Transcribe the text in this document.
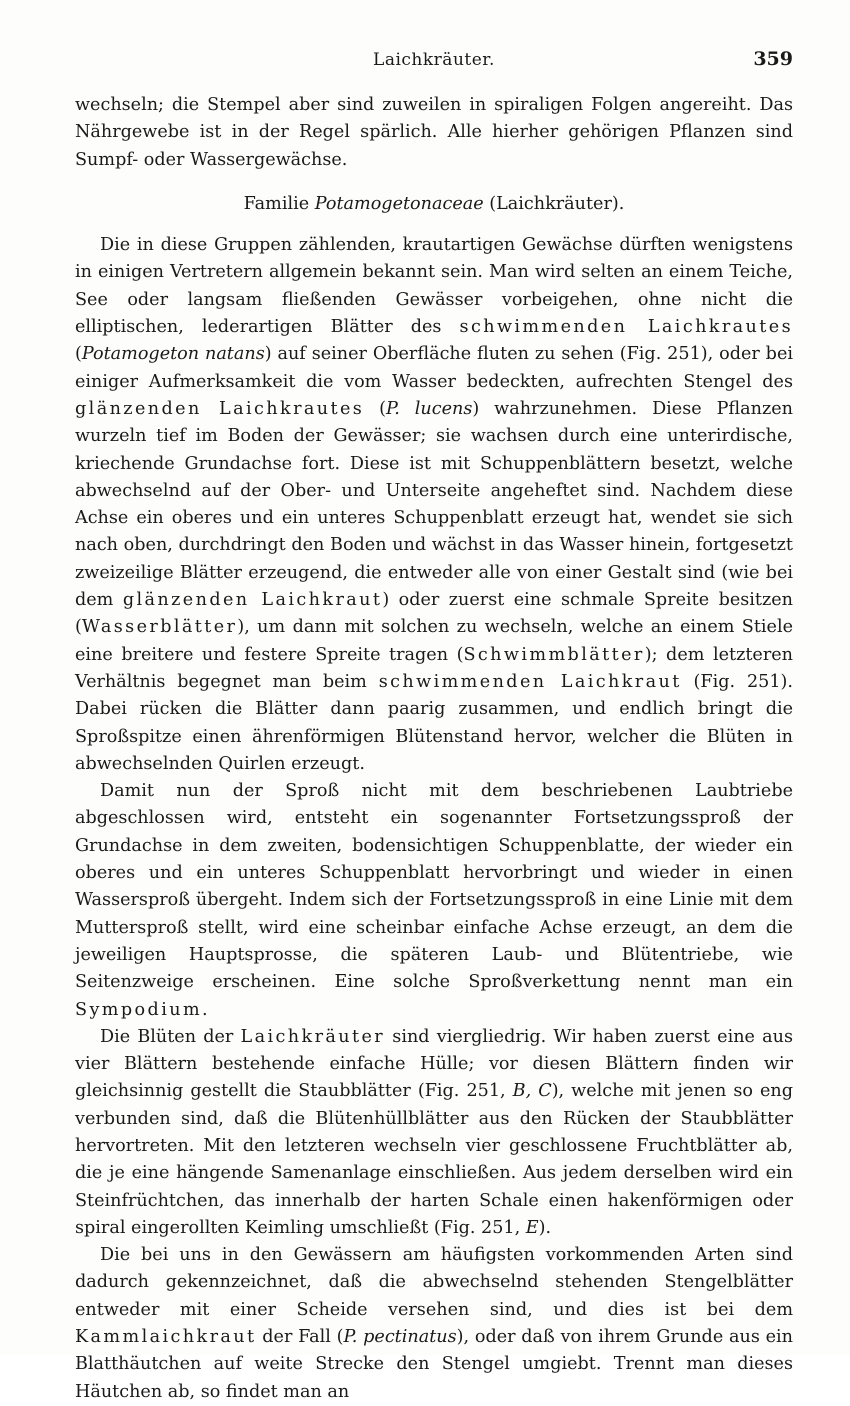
Laichkräuter.	359

wechseln; die Stempel aber sind zuweilen in spiraligen Folgen angereiht. Das Nährgewebe ist in der Regel spärlich. Alle hierher gehörigen Pflanzen sind Sumpf- oder Wassergewächse.

Familie Potamogetonaceae (Laichkräuter).

Die in diese Gruppen zählenden, krautartigen Gewächse dürften wenigstens in einigen Vertretern allgemein bekannt sein. Man wird selten an einem Teiche, See oder langsam fließenden Gewässer vorbeigehen, ohne nicht die elliptischen, lederartigen Blätter des schwimmenden Laichkrautes (Potamogeton natans) auf seiner Oberfläche fluten zu sehen (Fig. 251), oder bei einiger Aufmerksamkeit die vom Wasser bedeckten, aufrechten Stengel des glänzenden Laichkrautes (P. lucens) wahrzunehmen. Diese Pflanzen wurzeln tief im Boden der Gewässer; sie wachsen durch eine unterirdische, kriechende Grundachse fort. Diese ist mit Schuppenblättern besetzt, welche abwechselnd auf der Ober- und Unterseite angeheftet sind. Nachdem diese Achse ein oberes und ein unteres Schuppenblatt erzeugt hat, wendet sie sich nach oben, durchdringt den Boden und wächst in das Wasser hinein, fortgesetzt zweizeilige Blätter erzeugend, die entweder alle von einer Gestalt sind (wie bei dem glänzenden Laichkraut) oder zuerst eine schmale Spreite besitzen (Wasserblätter), um dann mit solchen zu wechseln, welche an einem Stiele eine breitere und festere Spreite tragen (Schwimmblätter); dem letzteren Verhältnis begegnet man beim schwimmenden Laichkraut (Fig. 251). Dabei rücken die Blätter dann paarig zusammen, und endlich bringt die Sproßspitze einen ährenförmigen Blütenstand hervor, welcher die Blüten in abwechselnden Quirlen erzeugt.

Damit nun der Sproß nicht mit dem beschriebenen Laubtriebe abgeschlossen wird, entsteht ein sogenannter Fortsetzungssproß der Grundachse in dem zweiten, bodensichtigen Schuppenblatte, der wieder ein oberes und ein unteres Schuppenblatt hervorbringt und wieder in einen Wassersproß übergeht. Indem sich der Fortsetzungssproß in eine Linie mit dem Muttersproß stellt, wird eine scheinbar einfache Achse erzeugt, an dem die jeweiligen Hauptsprosse, die späteren Laub- und Blütentriebe, wie Seitenzweige erscheinen. Eine solche Sproßverkettung nennt man ein Sympodium.

Die Blüten der Laichkräuter sind viergliedrig. Wir haben zuerst eine aus vier Blättern bestehende einfache Hülle; vor diesen Blättern finden wir gleichsinnig gestellt die Staubblätter (Fig. 251, B, C), welche mit jenen so eng verbunden sind, daß die Blütenhüllblätter aus den Rücken der Staubblätter hervortreten. Mit den letzteren wechseln vier geschlossene Fruchtblätter ab, die je eine hängende Samenanlage einschließen. Aus jedem derselben wird ein Steinfrüchtchen, das innerhalb der harten Schale einen hakenförmigen oder spiral eingerollten Keimling umschließt (Fig. 251, E).

Die bei uns in den Gewässern am häufigsten vorkommenden Arten sind dadurch gekennzeichnet, daß die abwechselnd stehenden Stengelblätter entweder mit einer Scheide versehen sind, und dies ist bei dem Kammlaichkraut der Fall (P. pectinatus), oder daß von ihrem Grunde aus ein Blatthäutchen auf weite Strecke den Stengel umgiebt. Trennt man dieses Häutchen ab, so findet man an
